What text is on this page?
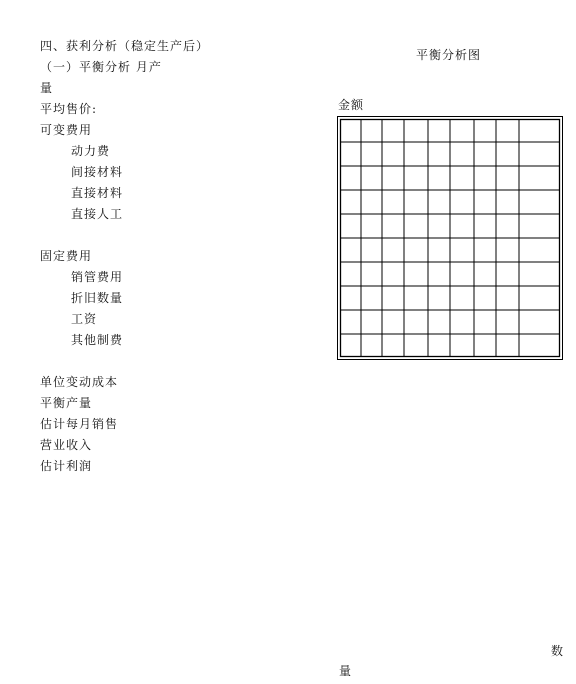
四、获利分析（稳定生产后）
（一）平衡分析 月产
量
平均售价:
可变费用
动力费
间接材料
直接材料
直接人工
固定费用
销管费用
折旧数量
工资
其他制费
单位变动成本
平衡产量
估计每月销售
营业收入
估计利润
平衡分析图
金额
数
量
